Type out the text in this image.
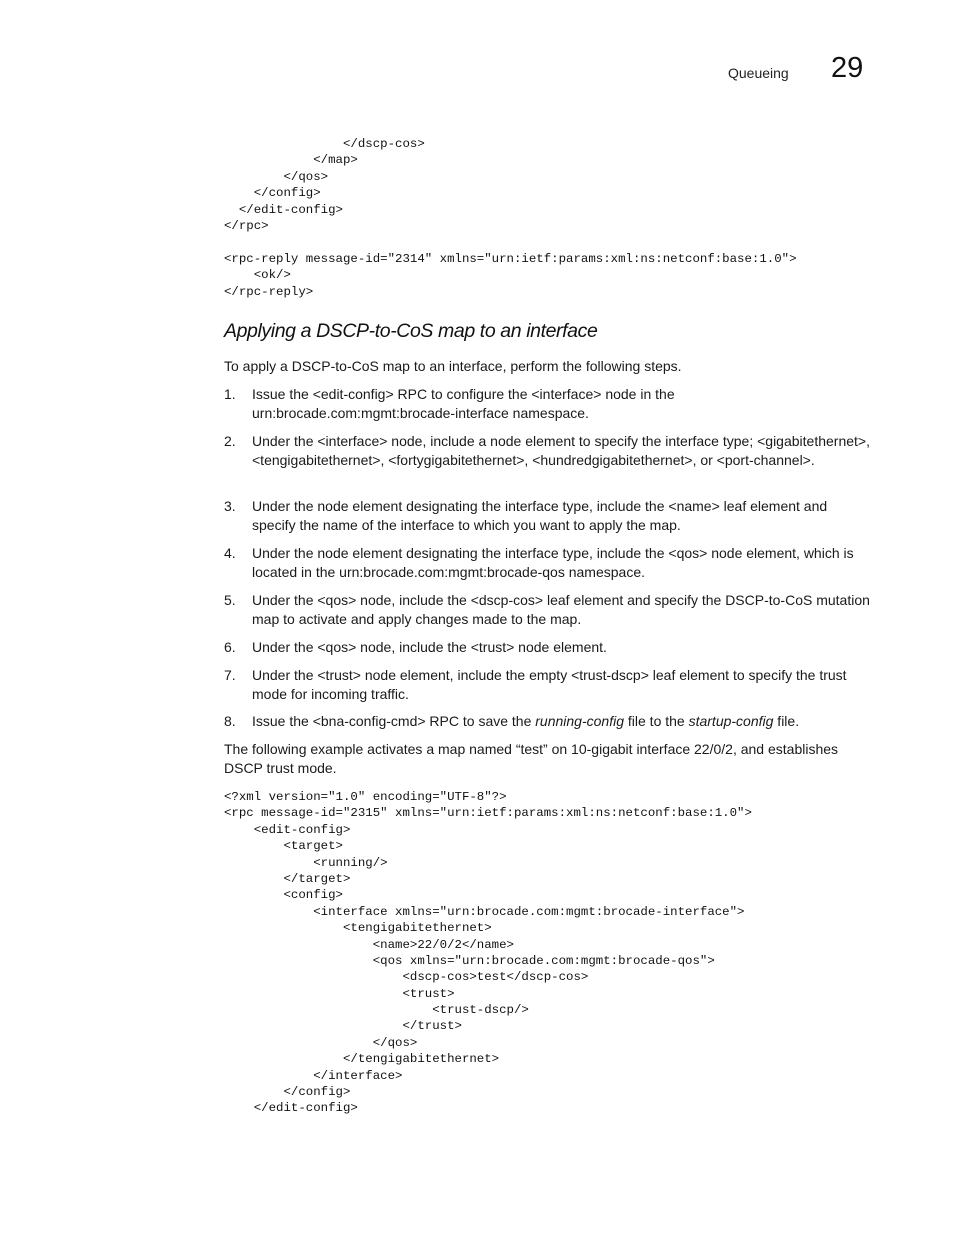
Queueing 29
</dscp-cos>
</map>
</qos>
</config>
</edit-config>
</rpc>
<rpc-reply message-id="2314" xmlns="urn:ietf:params:xml:ns:netconf:base:1.0">
<ok/>
</rpc-reply>
Applying a DSCP-to-CoS map to an interface
To apply a DSCP-to-CoS map to an interface, perform the following steps.
1.	Issue the <edit-config> RPC to configure the <interface> node in the urn:brocade.com:mgmt:brocade-interface namespace.
2.	Under the <interface> node, include a node element to specify the interface type; <gigabitethernet>, <tengigabitethernet>, <fortygigabitethernet>, <hundredgigabitethernet>, or <port-channel>.
3.	Under the node element designating the interface type, include the <name> leaf element and specify the name of the interface to which you want to apply the map.
4.	Under the node element designating the interface type, include the <qos> node element, which is located in the urn:brocade.com:mgmt:brocade-qos namespace.
5.	Under the <qos> node, include the <dscp-cos> leaf element and specify the DSCP-to-CoS mutation map to activate and apply changes made to the map.
6.	Under the <qos> node, include the <trust> node element.
7.	Under the <trust> node element, include the empty <trust-dscp> leaf element to specify the trust mode for incoming traffic.
8.	Issue the <bna-config-cmd> RPC to save the running-config file to the startup-config file.
The following example activates a map named “test” on 10-gigabit interface 22/0/2, and establishes DSCP trust mode.
<?xml version="1.0" encoding="UTF-8"?>
<rpc message-id="2315" xmlns="urn:ietf:params:xml:ns:netconf:base:1.0">
<edit-config>
<target>
<running/>
</target>
<config>
<interface xmlns="urn:brocade.com:mgmt:brocade-interface">
<tengigabitethernet>
<name>22/0/2</name>
<qos xmlns="urn:brocade.com:mgmt:brocade-qos">
<dscp-cos>test</dscp-cos>
<trust>
<trust-dscp/>
</trust>
</qos>
</tengigabitethernet>
</interface>
</config>
</edit-config>
